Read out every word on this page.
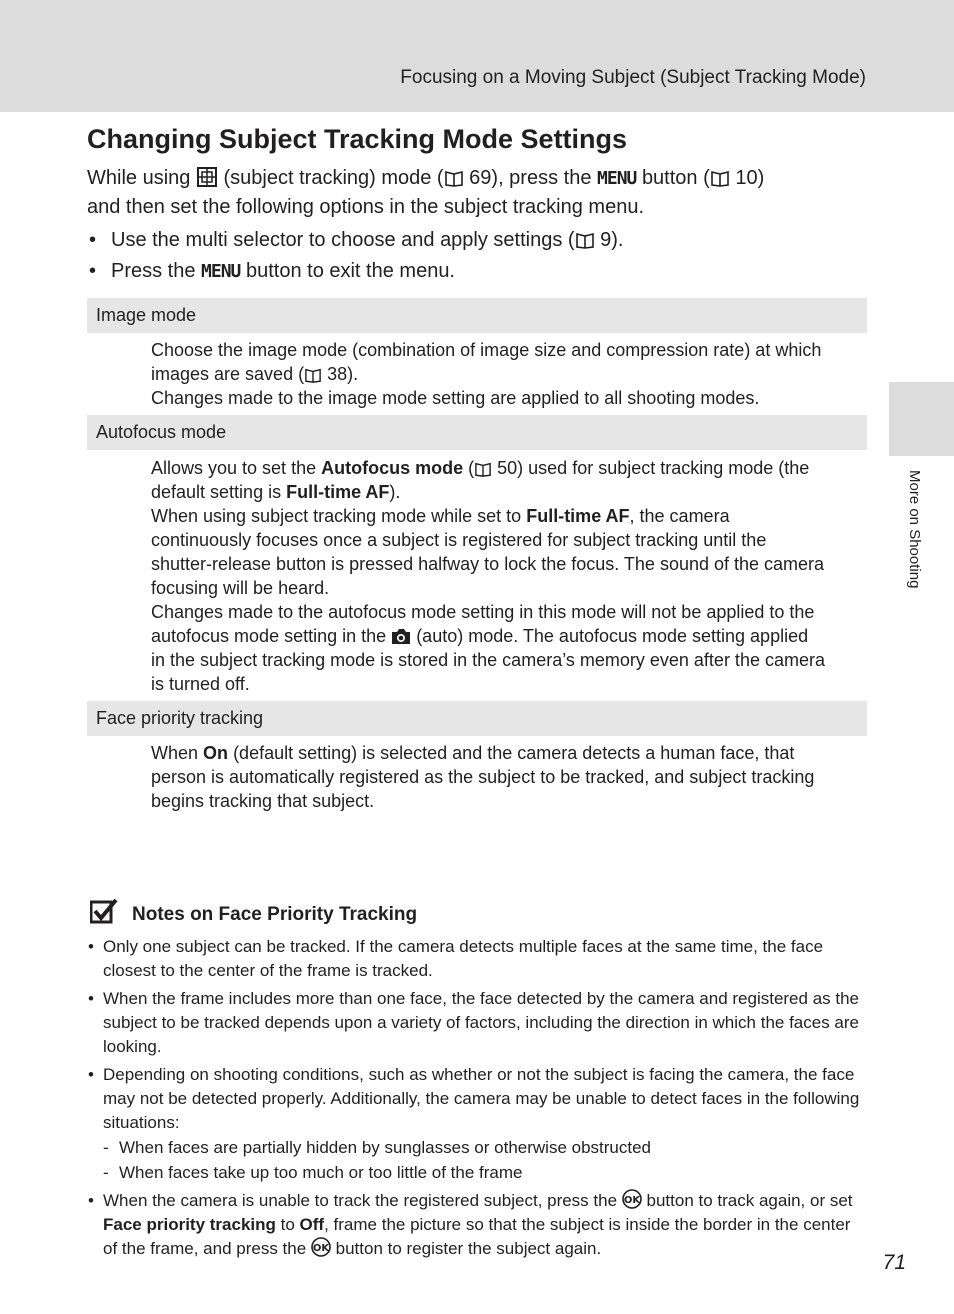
Focusing on a Moving Subject (Subject Tracking Mode)
More on Shooting
Changing Subject Tracking Mode Settings
While using (subject tracking) mode ( 69), press the MENU button ( 10)
and then set the following options in the subject tracking menu.
• Use the multi selector to choose and apply settings ( 9).
• Press the MENU button to exit the menu.
Image mode

Choose the image mode (combination of image size and compression rate) at which

images are saved ( 38).

Changes made to the image mode setting are applied to all shooting modes.

Autofocus mode

Allows you to set the Autofocus mode ( 50) used for subject tracking mode (the

default setting is Full-time AF).

When using subject tracking mode while set to Full-time AF, the camera

continuously focuses once a subject is registered for subject tracking until the

shutter-release button is pressed halfway to lock the focus. The sound of the camera

focusing will be heard.

Changes made to the autofocus mode setting in this mode will not be applied to the

autofocus mode setting in the (auto) mode. The autofocus mode setting applied

in the subject tracking mode is stored in the camera’s memory even after the camera

is turned off.

Face priority tracking

When On (default setting) is selected and the camera detects a human face, that

person is automatically registered as the subject to be tracked, and subject tracking

begins tracking that subject.

Notes on Face Priority Tracking
• Only one subject can be tracked. If the camera detects multiple faces at the same time, the face closest to the center of the frame is tracked.
• When the frame includes more than one face, the face detected by the camera and registered as the subject to be tracked depends upon a variety of factors, including the direction in which the faces are looking.
• Depending on shooting conditions, such as whether or not the subject is facing the camera, the face may not be detected properly. Additionally, the camera may be unable to detect faces in the following situations:
- When faces are partially hidden by sunglasses or otherwise obstructed
- When faces take up too much or too little of the frame
• When the camera is unable to track the registered subject, press the OK button to track again, or set Face priority tracking to Off, frame the picture so that the subject is inside the border in the center of the frame, and press the OK button to register the subject again.
71
